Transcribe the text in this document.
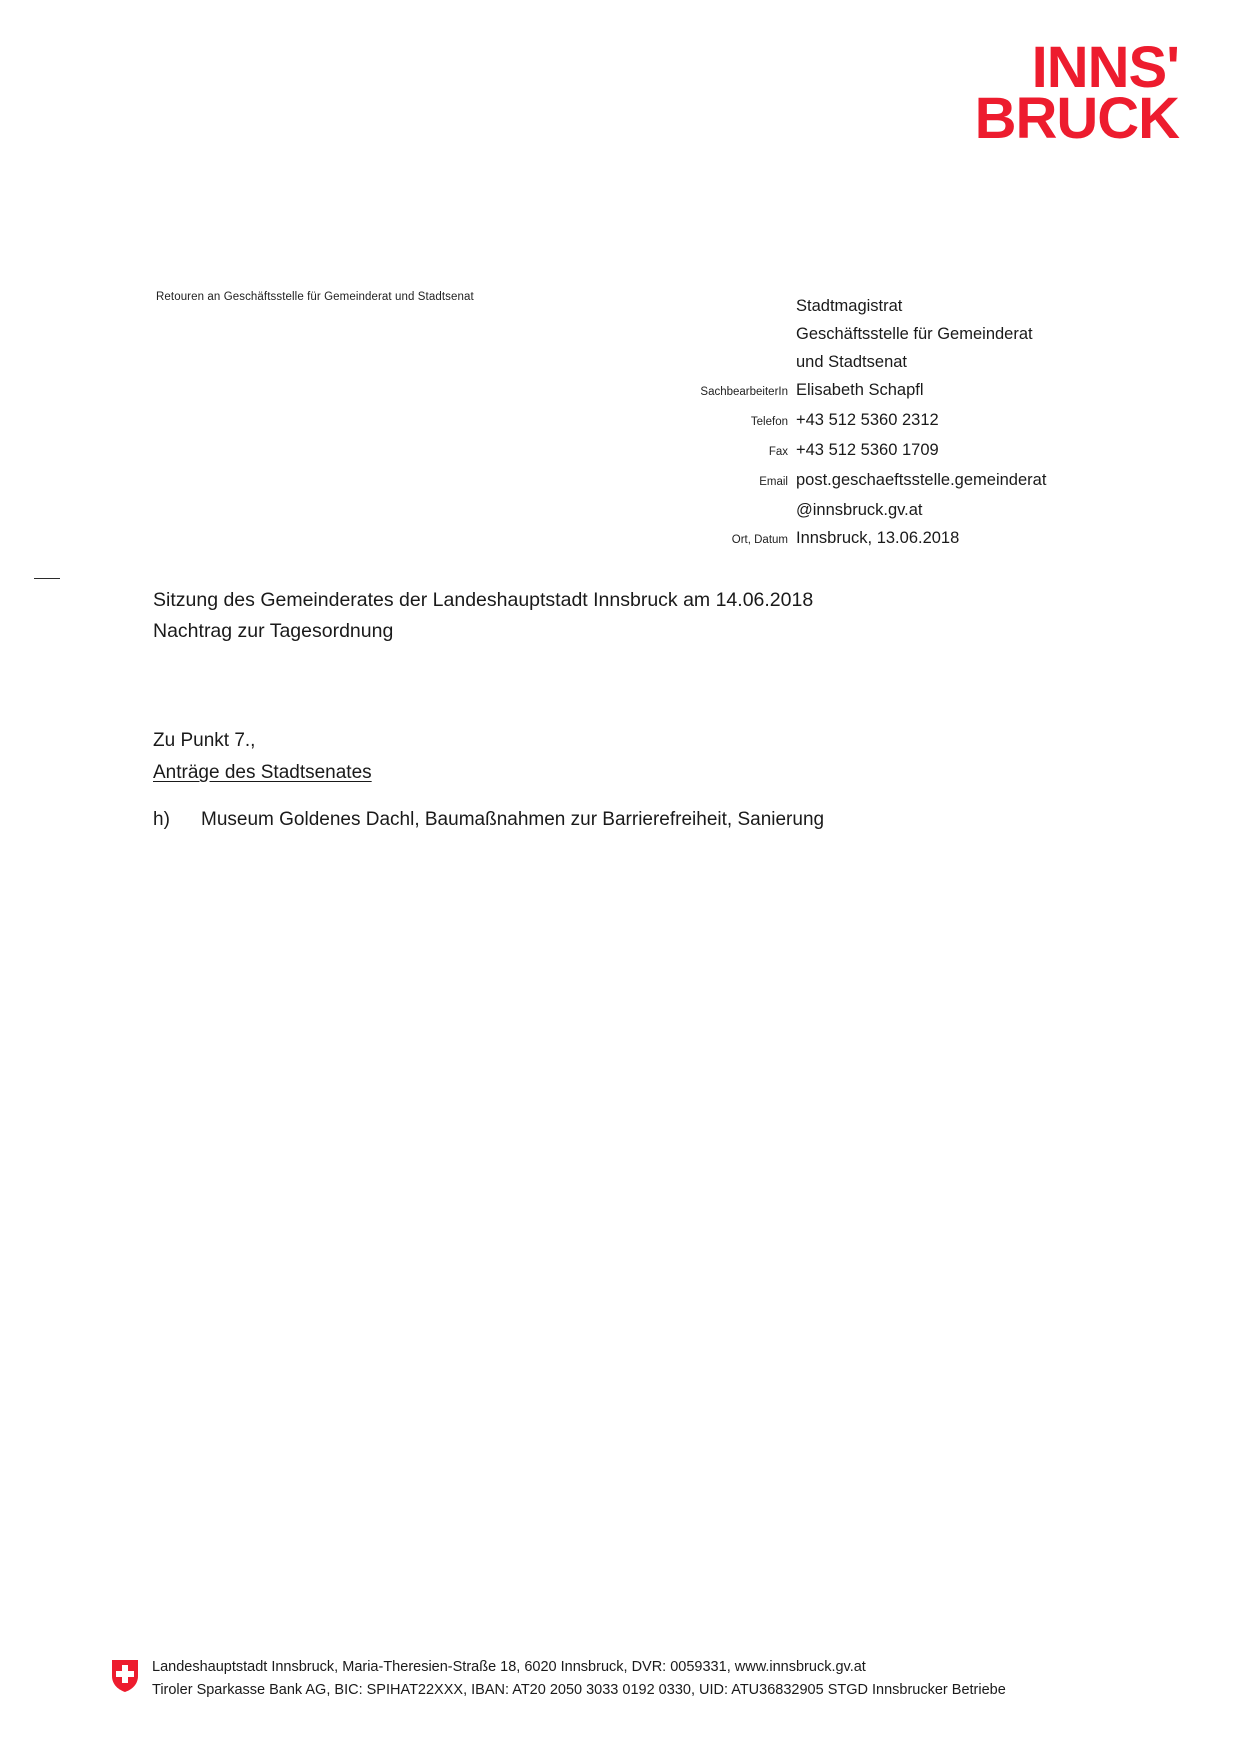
INNS'
BRUCK
Retouren an Geschäftsstelle für Gemeinderat und Stadtsenat	Stadtmagistrat
Geschäftsstelle für Gemeinderat
und Stadtsenat
SachbearbeiterIn Elisabeth Schapfl
Telefon +43 512 5360 2312
Fax +43 512 5360 1709
Email post.geschaeftsstelle.gemeinderat
@innsbruck.gv.at
Ort, Datum Innsbruck, 13.06.2018
Sitzung des Gemeinderates der Landeshauptstadt Innsbruck am 14.06.2018
Nachtrag zur Tagesordnung
Zu Punkt 7.,
Anträge des Stadtsenates
h)	Museum Goldenes Dachl, Baumaßnahmen zur Barrierefreiheit, Sanierung
Landeshauptstadt Innsbruck, Maria-Theresien-Straße 18, 6020 Innsbruck, DVR: 0059331, www.innsbruck.gv.at
Tiroler Sparkasse Bank AG, BIC: SPIHAT22XXX, IBAN: AT20 2050 3033 0192 0330, UID: ATU36832905 STGD Innsbrucker Betriebe
